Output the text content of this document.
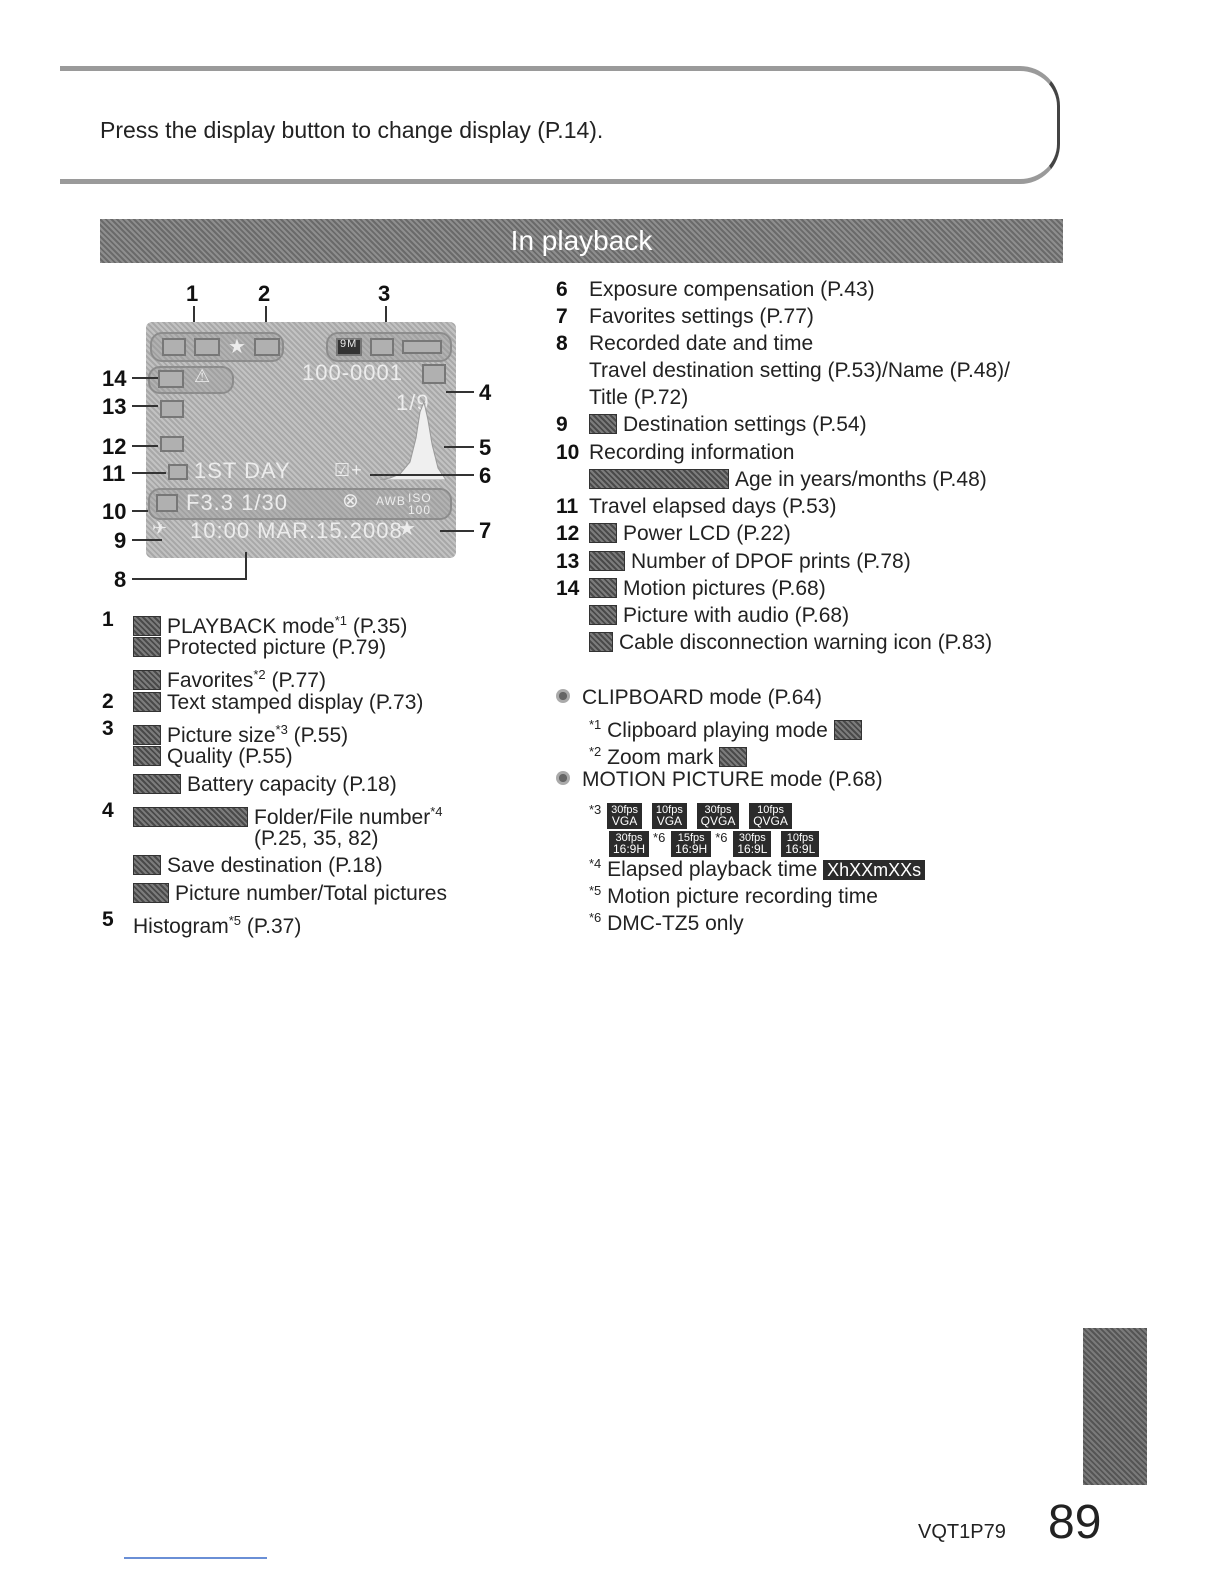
Press the display button to change display (P.14).
In playback
1	2	3
★	9M
⚠	100-0001
1/9
1ST DAY ☑+
F3.3 1/30	⊗ AWB ISO 100
✈ 10:00 MAR.15.2008
★
14
13
12
11
10
9
8
4
5
6
7
1	PLAYBACK mode$^{*1}$ (P.35)
Protected picture (P.79)
Favorites$^{*2}$ (P.77)
2	Text stamped display (P.73)
3	Picture size$^{*3}$ (P.55)
Quality (P.55)
Battery capacity (P.18)
4	Folder/File number$^{*4}$
(P.25, 35, 82)
Save destination (P.18)
Picture number/Total pictures
5 Histogram$^{*5}$ (P.37)
6 Exposure compensation (P.43)
7 Favorites settings (P.77)
8 Recorded date and time
Travel destination setting (P.53)/Name (P.48)/
Title (P.72)
9	Destination settings (P.54)
10 Recording information
Age in years/months (P.48)
11 Travel elapsed days (P.53)
12	Power LCD (P.22)
13	Number of DPOF prints (P.78)
14	Motion pictures (P.68)
Picture with audio (P.68)
Cable disconnection warning icon (P.83)
CLIPBOARD mode (P.64)
$^{*1}$ Clipboard playing mode
$^{*2}$ Zoom mark
MOTION PICTURE mode (P.68)
$^{*3}$ 30fps
VGA
10fps
VGA
30fps
QVGA
10fps
QVGA
30fps
16:9H
$^{*6}$ 15fps
16:9H
$^{*6}$ 30fps
16:9L
10fps
16:9L
$^{*4}$ Elapsed playback time XhXXmXXs
$^{*5}$ Motion picture recording time
$^{*6}$ DMC-TZ5 only
VQT1P79 89
